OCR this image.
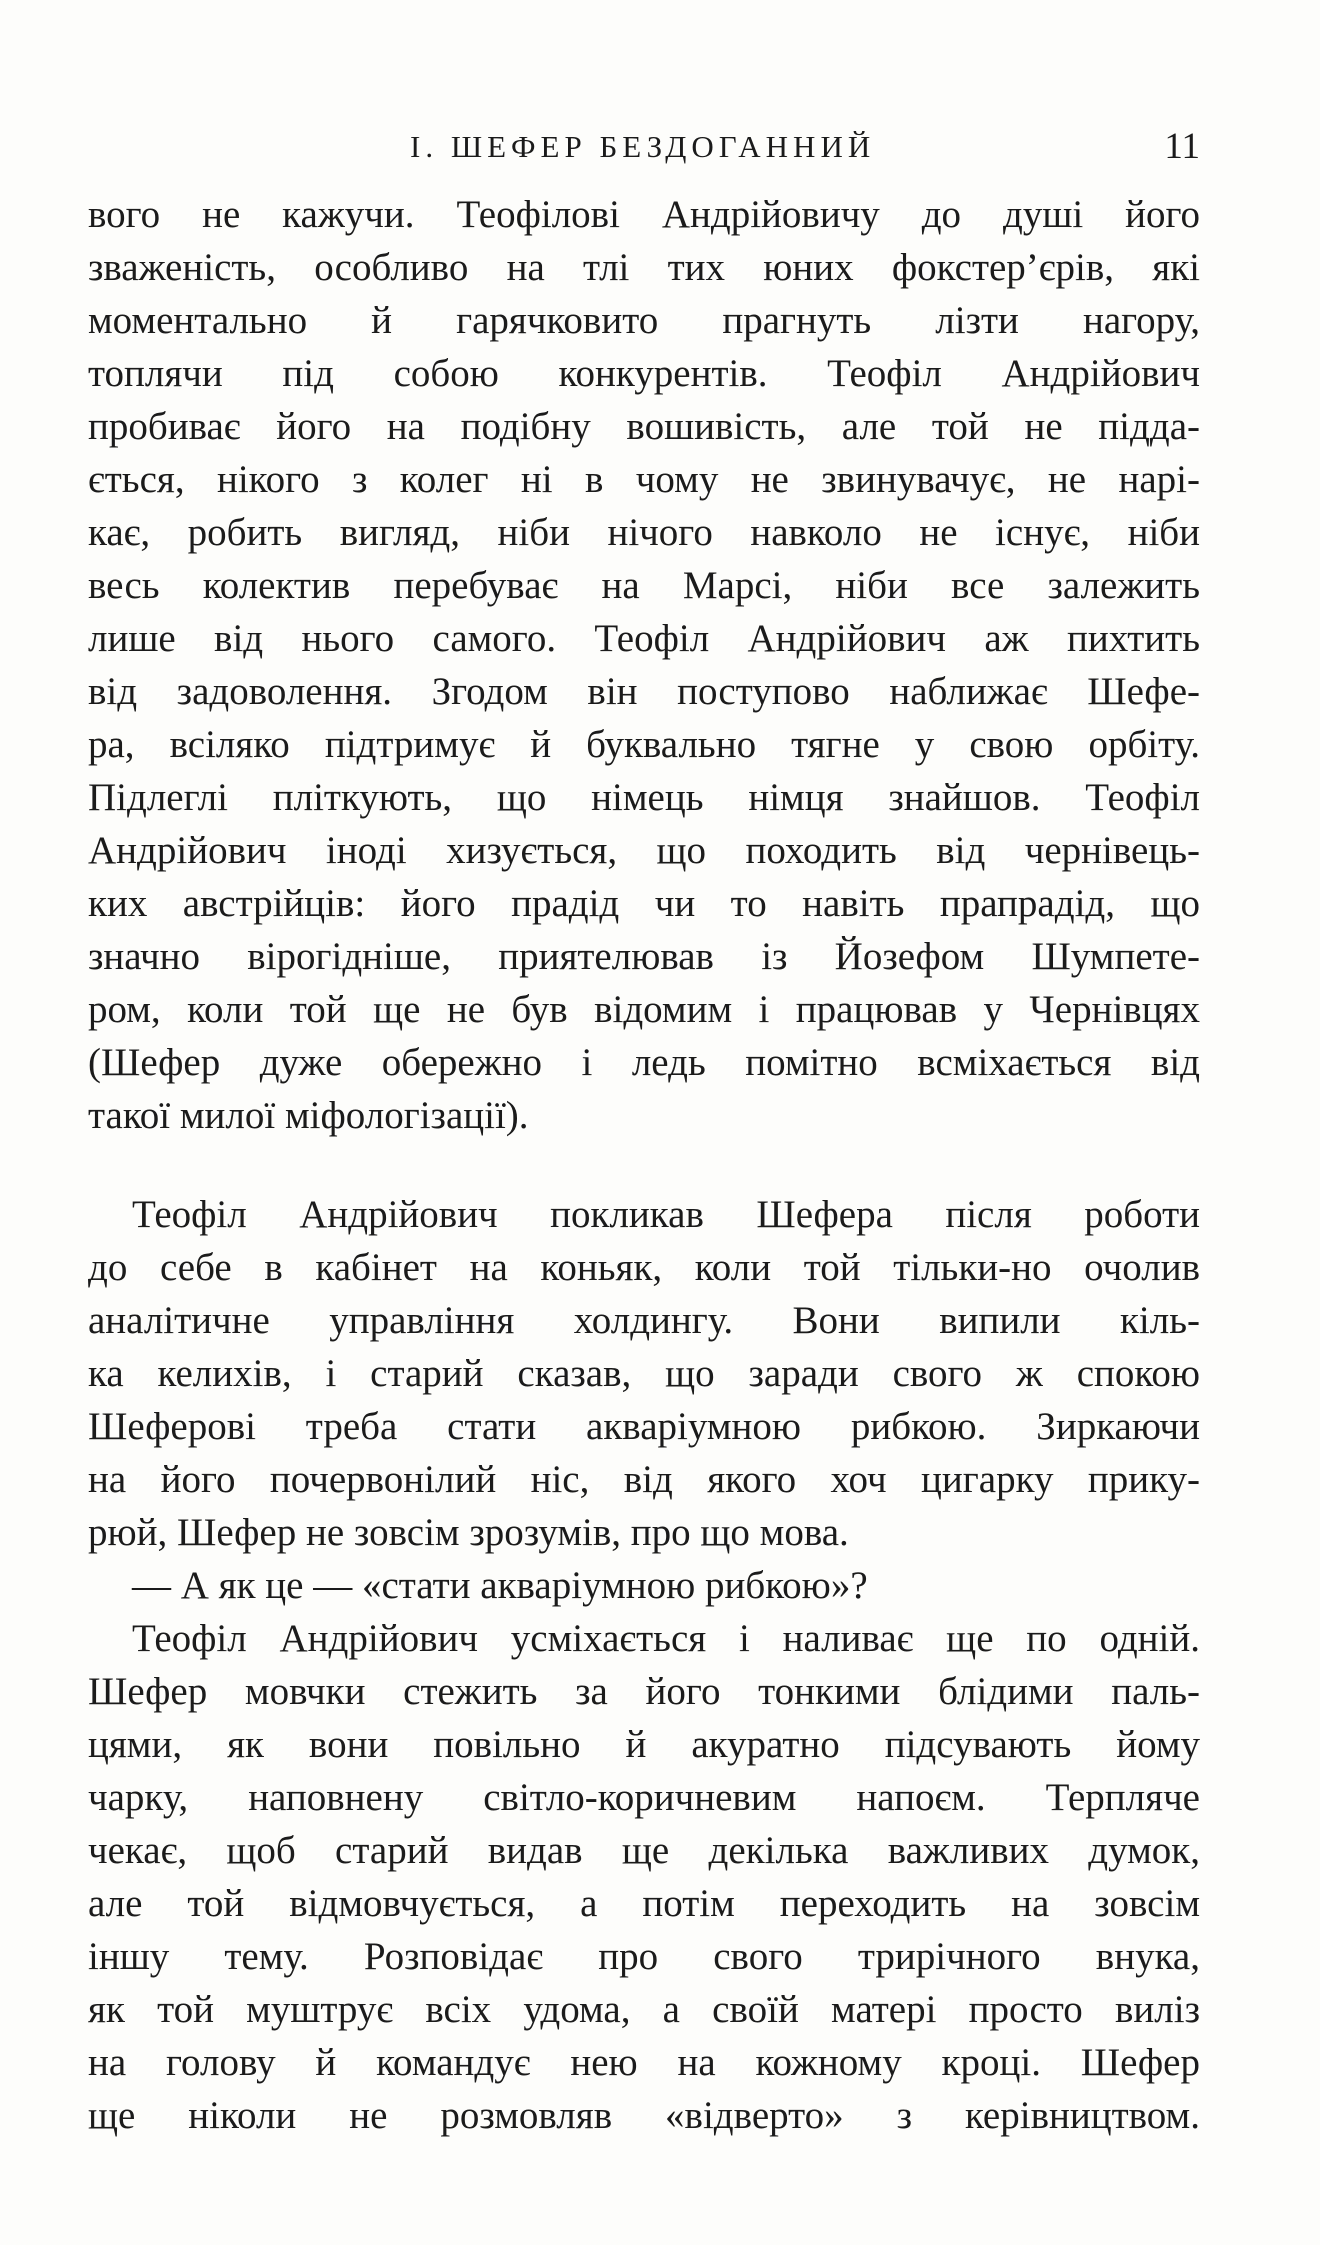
І. ШЕФЕР БЕЗДОГАННИЙ	11
вого не кажучи. Теофілові Андрійовичу до душі його
зваженість, особливо на тлі тих юних фокстер’єрів, які
моментально й гарячковито прагнуть лізти нагору,
топлячи під собою конкурентів. Теофіл Андрійович
пробиває його на подібну вошивість, але той не підда-
ється, нікого з колег ні в чому не звинувачує, не нарі-
кає, робить вигляд, ніби нічого навколо не існує, ніби
весь колектив перебуває на Марсі, ніби все залежить
лише від нього самого. Теофіл Андрійович аж пихтить
від задоволення. Згодом він поступово наближає Шефе-
ра, всіляко підтримує й буквально тягне у свою орбіту.
Підлеглі пліткують, що німець німця знайшов. Теофіл
Андрійович іноді хизується, що походить від чернівець-
ких австрійців: його прадід чи то навіть прапрадід, що
значно вірогідніше, приятелював із Йозефом Шумпете-
ром, коли той ще не був відомим і працював у Чернівцях
(Шефер дуже обережно і ледь помітно всміхається від
такої милої міфологізації).
Теофіл Андрійович покликав Шефера після роботи
до себе в кабінет на коньяк, коли той тільки-но очолив
аналітичне управління холдингу. Вони випили кіль-
ка келихів, і старий сказав, що заради свого ж спокою
Шеферові треба стати акваріумною рибкою. Зиркаючи
на його почервонілий ніс, від якого хоч цигарку прику-
рюй, Шефер не зовсім зрозумів, про що мова.
— А як це — «стати акваріумною рибкою»?
Теофіл Андрійович усміхається і наливає ще по одній.
Шефер мовчки стежить за його тонкими блідими паль-
цями, як вони повільно й акуратно підсувають йому
чарку, наповнену світло-коричневим напоєм. Терпляче
чекає, щоб старий видав ще декілька важливих думок,
але той відмовчується, а потім переходить на зовсім
іншу тему. Розповідає про свого трирічного внука,
як той муштрує всіх удома, а своїй матері просто виліз
на голову й командує нею на кожному кроці. Шефер
ще ніколи не розмовляв «відверто» з керівництвом.
